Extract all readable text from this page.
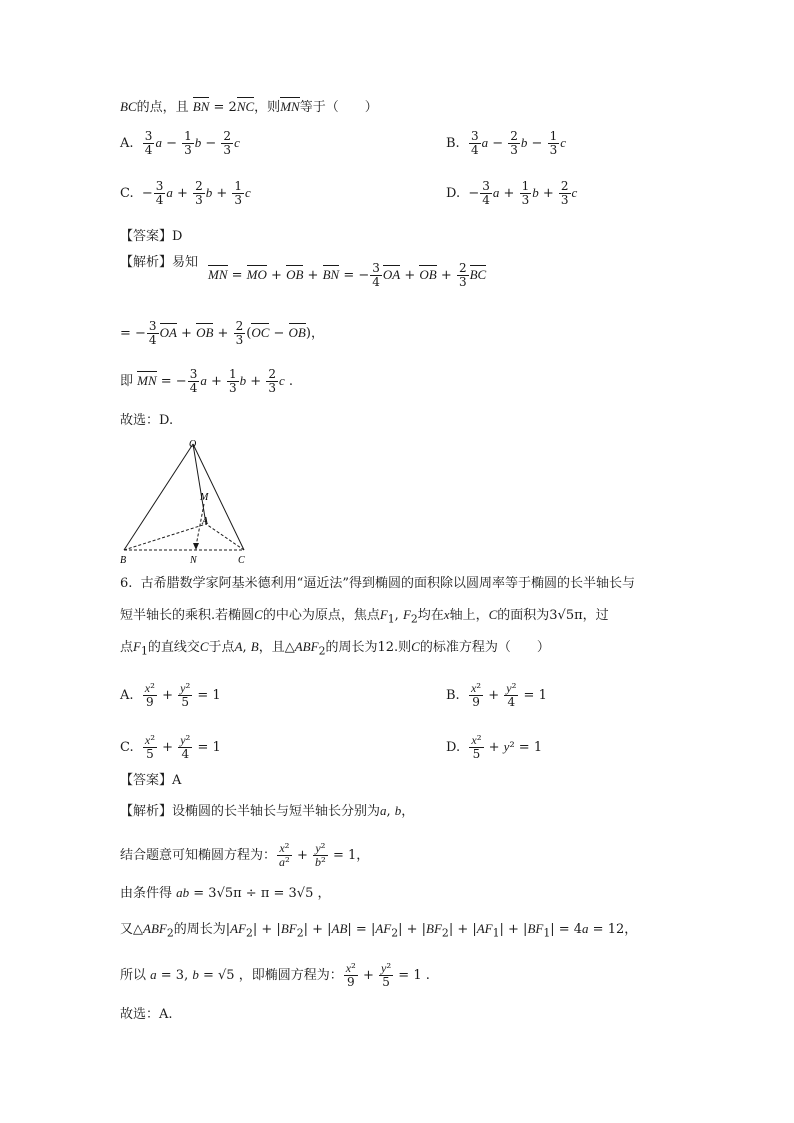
BC的点，且 BN = 2NC，则MN等于（　　）
A. $\frac{3}{4}$ $a - \frac{1}{3}$ $b - \frac{2}{3}$ c	B. $\frac{3}{4}$ $a - \frac{2}{3}$ $b - \frac{1}{3}$ c
C.  − $\frac{3}{4}$ $a + \frac{2}{3}$ $b + \frac{1}{3}$ c	D.  − $\frac{3}{4}$ $a + \frac{1}{3}$ $b + \frac{2}{3}$ c
【答案】D
【解析】易知
MN = MO + OB + BN = − $\frac{3}{4}$ OA + OB + $\frac{2}{3}$ BC
= − $\frac{3}{4}$ OA + OB + $\frac{2}{3} (OC - OB)$，
即 MN = − $\frac{3}{4}$ $a + \frac{1}{3}$ $b + \frac{2}{3}$ c .
故选：D.
O
M
A
B	N	C
6.  古希腊数学家阿基米德利用“逼近法”得到椭圆的面积除以圆周率等于椭圆的长半轴长与
短半轴长的乘积.若椭圆C的中心为原点，焦点$F_1$, $F_2$均在x轴上，C的面积为3√5π，过
点$F_1$的直线交C于点A, B，且$\triangle ABF_2$的周长为12.则C的标准方程为（　　）
A. $\frac{\text{x²}}{9} + \frac{\text{y²}}{5} = 1$	B. $\frac{\text{x²}}{9} + \frac{\text{y²}}{4} = 1$
C. $\frac{\text{x²}}{5} + \frac{\text{y²}}{4} = 1$	D. $\frac{\text{x²}}{5} + y^2 = 1$
【答案】A
【解析】设椭圆的长半轴长与短半轴长分别为a, b，
结合题意可知椭圆方程为： $\frac{\text{x²}}{\text{a²}} + \frac{\text{y²}}{\text{b²}} = 1$，
由条件得 ab = 3√5π ÷ π = 3√5 ，
又$\triangle ABF_2$的周长为$|AF_2| + |BF_2| + |AB| = |AF_2| + |BF_2| + |AF_1| + |BF_1| = 4a = 12$，
所以 a = 3, b = √5 ，即椭圆方程为： $\frac{\text{x²}}{9} + \frac{\text{y²}}{5} = 1$ .
故选：A.
